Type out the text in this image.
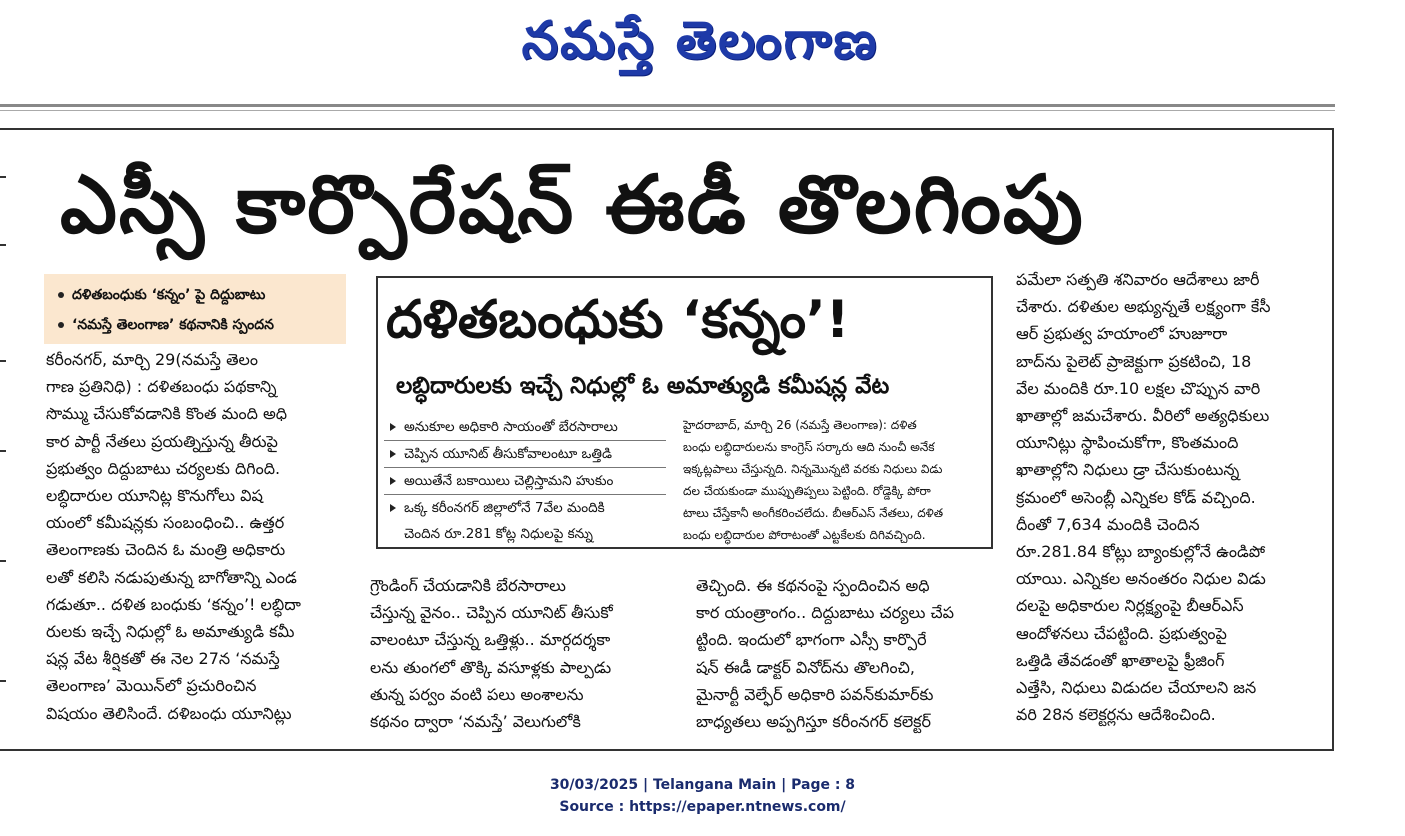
నమస్తే తెలంగాణ
ఎస్సీ కార్పొరేషన్ ఈడీ తొలగింపు
దళితబంధుకు ‘కన్నం’ పై దిద్దుబాటు
‘నమస్తే తెలంగాణ’ కథనానికి స్పందన
కరీంనగర్, మార్చి 29(నమస్తే తెలం
గాణ ప్రతినిధి) : దళితబంధు పథకాన్ని
సొమ్ము చేసుకోవడానికి కొంత మంది అధి
కార పార్టీ నేతలు ప్రయత్నిస్తున్న తీరుపై
ప్రభుత్వం దిద్దుబాటు చర్యలకు దిగింది.
లబ్ధిదారుల యూనిట్ల కొనుగోలు విష
యంలో కమీషన్లకు సంబంధించి.. ఉత్తర
తెలంగాణకు చెందిన ఓ మంత్రి అధికారు
లతో కలిసి నడుపుతున్న బాగోతాన్ని ఎండ
గడుతూ.. దళిత బంధుకు ‘కన్నం’! లబ్ధిదా
రులకు ఇచ్చే నిధుల్లో ఓ అమాత్యుడి కమీ
షన్ల వేట శీర్షికతో ఈ నెల 27న ‘నమస్తే
తెలంగాణ’ మెయిన్‌లో ప్రచురించిన
విషయం తెలిసిందే. దళిబంధు యూనిట్లు
దళితబంధుకు ‘కన్నం’!
లబ్ధిదారులకు ఇచ్చే నిధుల్లో ఓ అమాత్యుడి కమీషన్ల వేట
అనుకూల అధికారి సాయంతో బేరసారాలు
చెప్పిన యూనిట్ తీసుకోవాలంటూ ఒత్తిడి
అయితేనే బకాయిలు చెల్లిస్తామని హుకుం
ఒక్క కరీంనగర్ జిల్లాలోనే 7వేల మందికి
చెందిన రూ.281 కోట్ల నిధులపై కన్ను
హైదరాబాద్, మార్చి 26 (నమస్తే తెలంగాణ): దళిత
బంధు లబ్ధిదారులను కాంగ్రెస్ సర్కారు ఆది నుంచీ అనేక
ఇక్కట్లపాలు చేస్తున్నది. నిన్నమొన్నటి వరకు నిధులు విడు
దల చేయకుండా ముప్పుతిప్పలు పెట్టింది. రోడ్డెక్కి పోరా
టాలు చేస్తేకానీ అంగీకరించలేదు. బీఆర్ఎస్ నేతలు, దళిత
బంధు లబ్ధిదారుల పోరాటంతో ఎట్టకేలకు దిగివచ్చింది.
గ్రౌండింగ్ చేయడానికి బేరసారాలు
చేస్తున్న వైనం.. చెప్పిన యూనిట్ తీసుకో
వాలంటూ చేస్తున్న ఒత్తిళ్లు.. మార్గదర్శకా
లను తుంగలో తొక్కి వసూళ్లకు పాల్పడు
తున్న పర్వం వంటి పలు అంశాలను
కథనం ద్వారా ‘నమస్తే’ వెలుగులోకి
తెచ్చింది. ఈ కథనంపై స్పందించిన అధి
కార యంత్రాంగం.. దిద్దుబాటు చర్యలు చేప
ట్టింది. ఇందులో భాగంగా ఎస్సీ కార్పొరే
షన్ ఈడీ డాక్టర్ వినోద్‌ను తొలగించి,
మైనార్టీ వెల్ఫేర్ అధికారి పవన్‌కుమార్‌కు
బాధ్యతలు అప్పగిస్తూ కరీంనగర్ కలెక్టర్
పమేలా సత్పతి శనివారం ఆదేశాలు జారీ
చేశారు. దళితుల అభ్యున్నతే లక్ష్యంగా కేసీ
ఆర్ ప్రభుత్వ హయాంలో హుజూరా
బాద్‌ను పైలెట్ ప్రాజెక్టుగా ప్రకటించి, 18
వేల మందికి రూ.10 లక్షల చొప్పున వారి
ఖాతాల్లో జమచేశారు. వీరిలో అత్యధికులు
యూనిట్లు స్థాపించుకోగా, కొంతమంది
ఖాతాల్లోని నిధులు డ్రా చేసుకుంటున్న
క్రమంలో అసెంబ్లీ ఎన్నికల కోడ్ వచ్చింది.
దీంతో 7,634 మందికి చెందిన
రూ.281.84 కోట్లు బ్యాంకుల్లోనే ఉండిపో
యాయి. ఎన్నికల అనంతరం నిధుల విడు
దలపై అధికారుల నిర్లక్ష్యంపై బీఆర్ఎస్
ఆందోళనలు చేపట్టింది. ప్రభుత్వంపై
ఒత్తిడి తేవడంతో ఖాతాలపై ఫ్రీజింగ్
ఎత్తేసి, నిధులు విడుదల చేయాలని జన
వరి 28న కలెక్టర్లను ఆదేశించింది.
30/03/2025 | Telangana Main | Page : 8
Source : https://epaper.ntnews.com/
